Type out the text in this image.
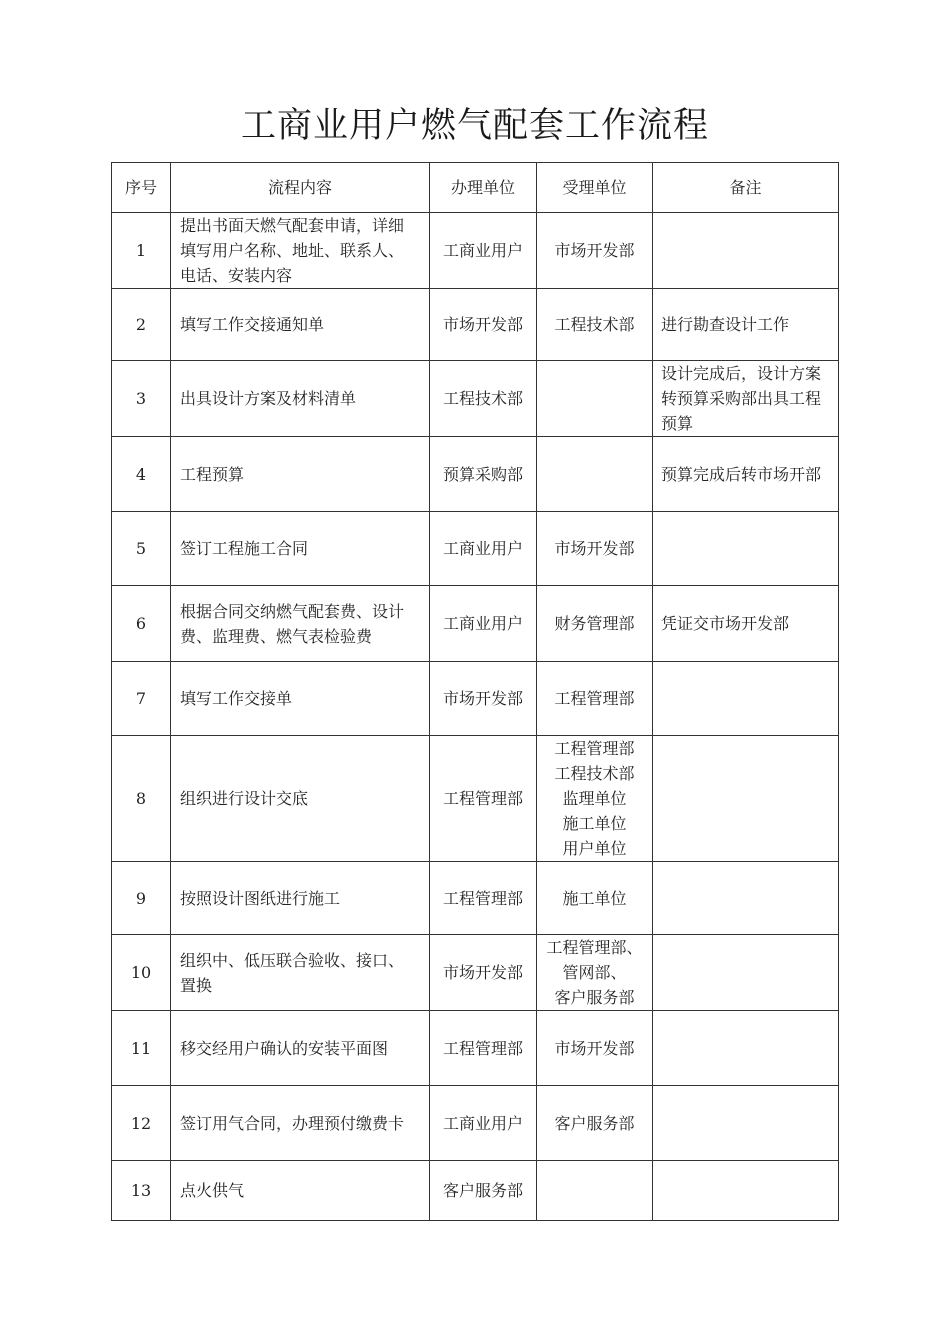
工商业用户燃气配套工作流程
序号	流程内容	办理单位	受理单位	备注
1	提出书面天燃气配套申请，详细
填写用户名称、地址、联系人、
电话、安装内容	工商业用户	市场开发部	

2	填写工作交接通知单	市场开发部	工程技术部	进行勘查设计工作

3	出具设计方案及材料清单	工程技术部		设计完成后，设计方案
转预算采购部出具工程
预算

4	工程预算	预算采购部		预算完成后转市场开部

5	签订工程施工合同	工商业用户	市场开发部	

6	根据合同交纳燃气配套费、设计
费、监理费、燃气表检验费	工商业用户	财务管理部	凭证交市场开发部

7	填写工作交接单	市场开发部	工程管理部	

8	组织进行设计交底	工程管理部	工程管理部
工程技术部
监理单位
施工单位
用户单位	

9	按照设计图纸进行施工	工程管理部	施工单位	

10	组织中、低压联合验收、接口、
置换	市场开发部	工程管理部、
管网部、
客户服务部	

11	移交经用户确认的安装平面图	工程管理部	市场开发部	

12	签订用气合同，办理预付缴费卡	工商业用户	客户服务部	

13	点火供气	客户服务部		
